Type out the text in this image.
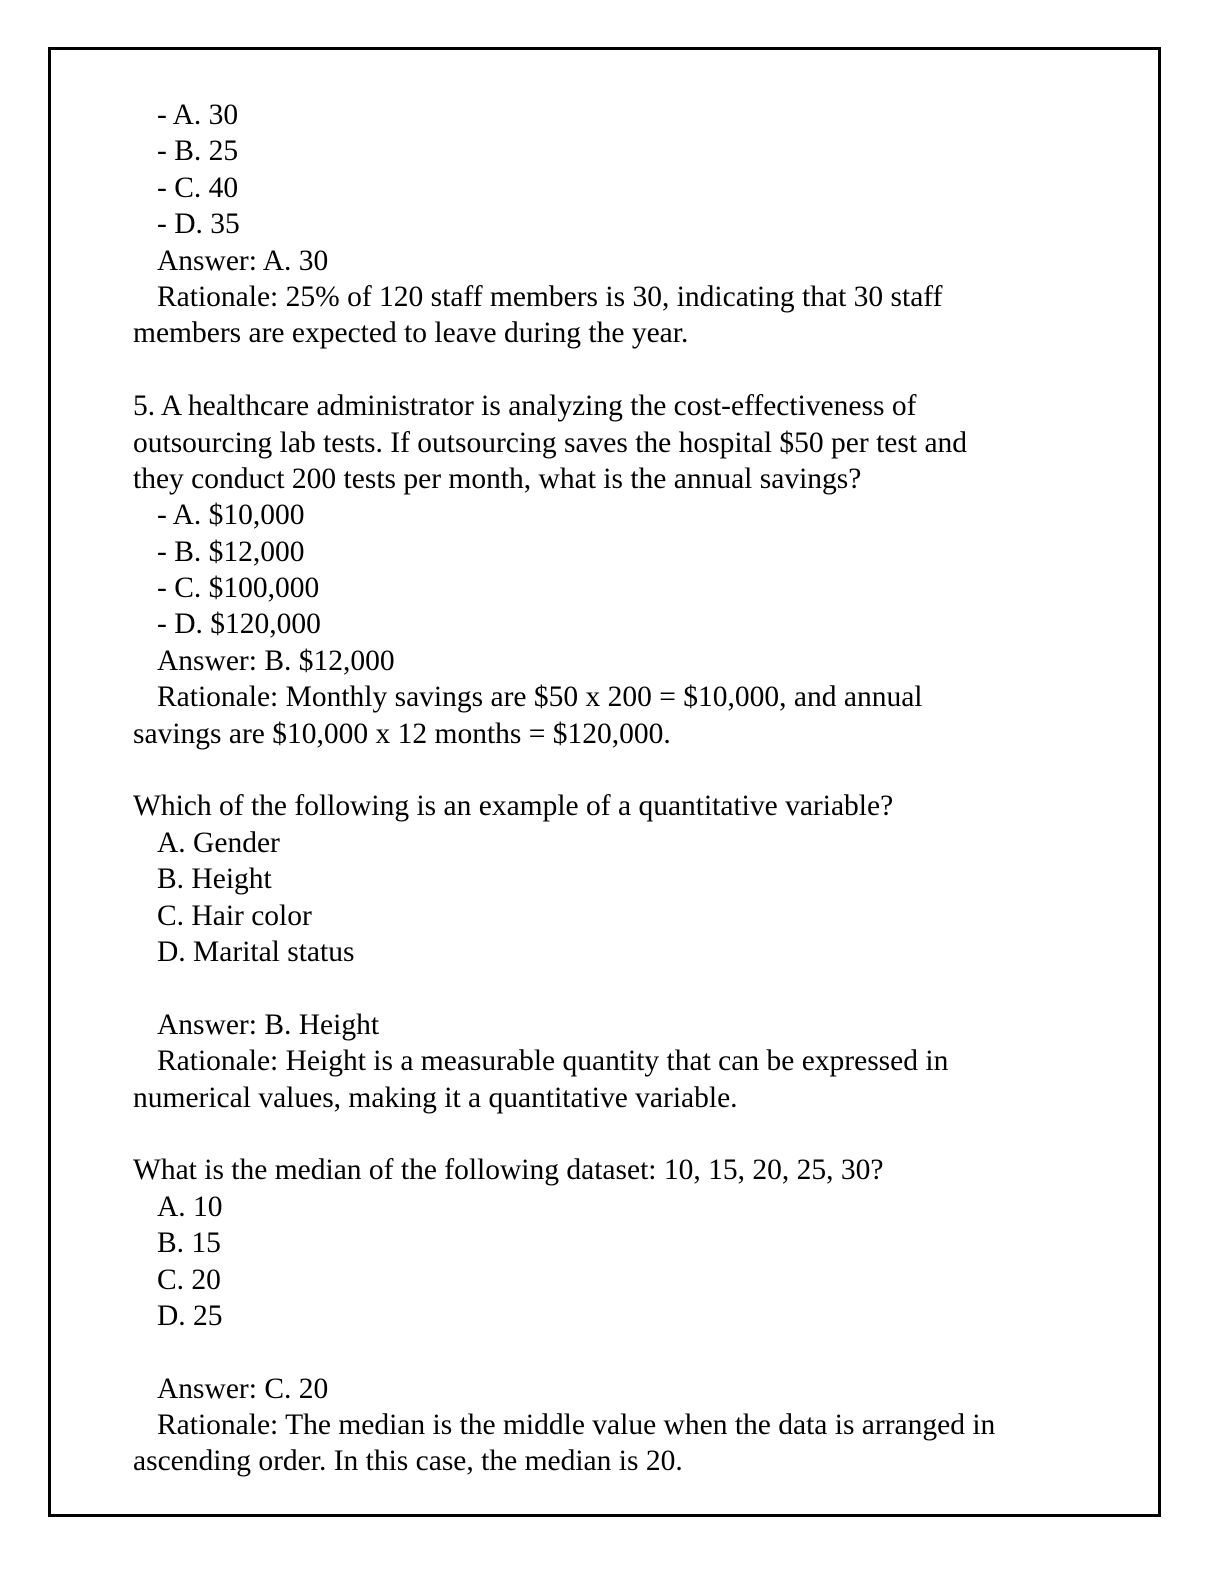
- A. 30
- B. 25
- C. 40
- D. 35
Answer: A. 30
Rationale: 25% of 120 staff members is 30, indicating that 30 staff
members are expected to leave during the year.
5. A healthcare administrator is analyzing the cost-effectiveness of
outsourcing lab tests. If outsourcing saves the hospital $50 per test and
they conduct 200 tests per month, what is the annual savings?
- A. $10,000
- B. $12,000
- C. $100,000
- D. $120,000
Answer: B. $12,000
Rationale: Monthly savings are $50 x 200 = $10,000, and annual
savings are $10,000 x 12 months = $120,000.
Which of the following is an example of a quantitative variable?
A. Gender
B. Height
C. Hair color
D. Marital status
Answer: B. Height
Rationale: Height is a measurable quantity that can be expressed in
numerical values, making it a quantitative variable.
What is the median of the following dataset: 10, 15, 20, 25, 30?
A. 10
B. 15
C. 20
D. 25
Answer: C. 20
Rationale: The median is the middle value when the data is arranged in
ascending order. In this case, the median is 20.
